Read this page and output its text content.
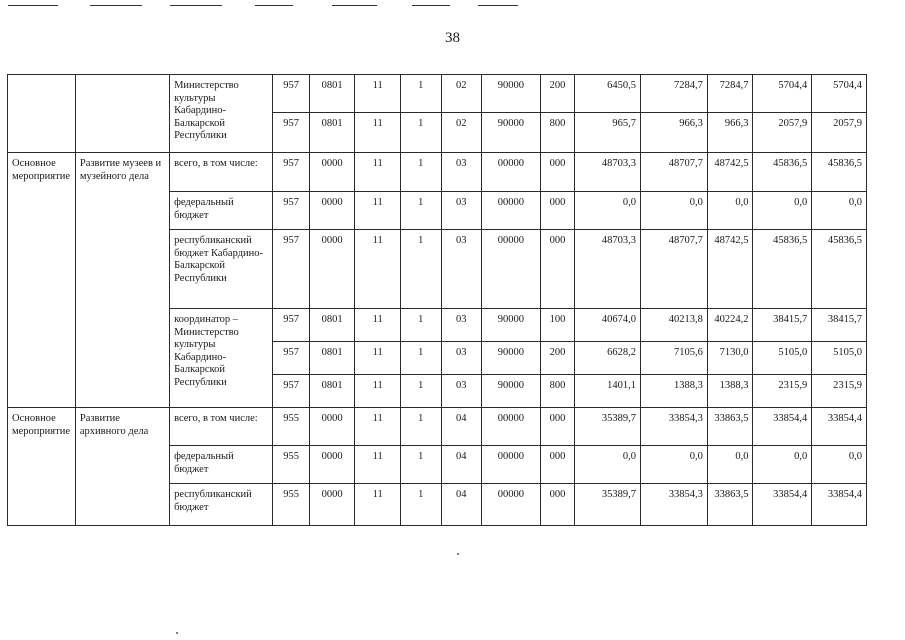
38
		Министерство культуры Кабардино-Балкарской Республики	957	0801	11	1	02	90000	200	6450,5	7284,7	7284,7	5704,4	5704,4
			957	0801	11	1	02	90000	800	965,7	966,3	966,3	2057,9	2057,9
Основное мероприятие	Развитие музеев и музейного дела	всего, в том числе:	957	0000	11	1	03	00000	000	48703,3	48707,7	48742,5	45836,5	45836,5
		федеральный бюджет	957	0000	11	1	03	00000	000	0,0	0,0	0,0	0,0	0,0
		республиканский бюджет Кабардино-Балкарской Республики	957	0000	11	1	03	00000	000	48703,3	48707,7	48742,5	45836,5	45836,5
		координатор – Министерство культуры Кабардино-Балкарской Республики	957	0801	11	1	03	90000	100	40674,0	40213,8	40224,2	38415,7	38415,7
			957	0801	11	1	03	90000	200	6628,2	7105,6	7130,0	5105,0	5105,0
			957	0801	11	1	03	90000	800	1401,1	1388,3	1388,3	2315,9	2315,9
Основное мероприятие	Развитие архивного дела	всего, в том числе:	955	0000	11	1	04	00000	000	35389,7	33854,3	33863,5	33854,4	33854,4
		федеральный бюджет	955	0000	11	1	04	00000	000	0,0	0,0	0,0	0,0	0,0
		республиканский бюджет	955	0000	11	1	04	00000	000	35389,7	33854,3	33863,5	33854,4	33854,4
